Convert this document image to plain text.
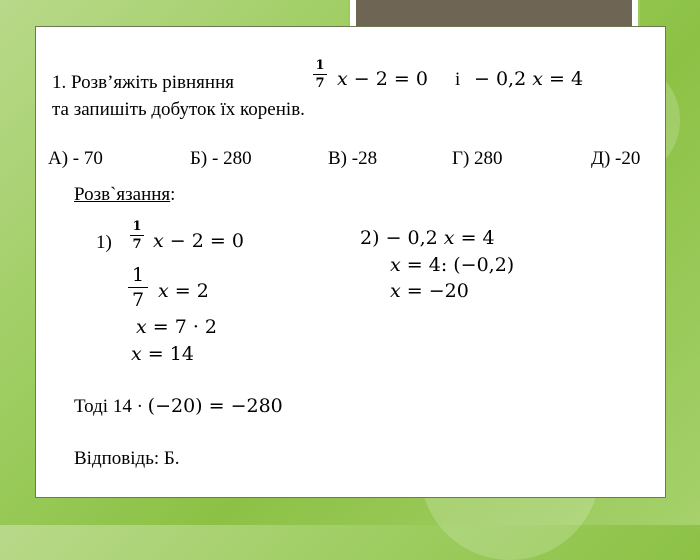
1. Розв’яжіть рівняння
та запишіть добуток їх коренів.
1
7 𝑥 − 2 = 0 і − 0,2 𝑥 = 4
А) - 70	Б) - 280	В) -28	Г) 280	Д) -20
Розв`язання:
1)
1
7 𝑥 − 2 = 0
1
7 𝑥 = 2
𝑥 = 7 · 2
𝑥 = 14
2) − 0,2 𝑥 = 4
𝑥 = 4: (−0,2)
𝑥 = −20
Тоді 14 · (−20) = −280
Відповідь: Б.
